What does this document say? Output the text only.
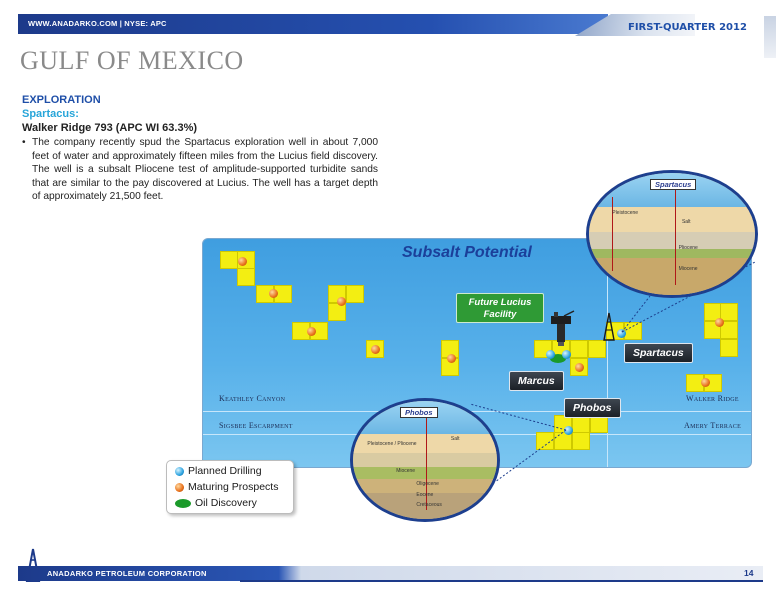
WWW.ANADARKO.COM | NYSE: APC	FIRST-QUARTER 2012
GULF OF MEXICO
EXPLORATION
Spartacus:
Walker Ridge 793 (APC WI 63.3%)
• The company recently spud the Spartacus exploration well in about 7,000 feet of water and approximately fifteen miles from the Lucius field discovery. The well is a subsalt Pliocene test of amplitude-supported turbidite sands that are similar to the pay discovered at Lucius. The well has a target depth of approximately 21,500 feet.
Subsalt Potential
Keathley Canyon	Walker Ridge
Sigsbee Escarpment	Amery Terrace
Future Lucius Facility
Marcus
Spartacus
Phobos
Pleistocene
Salt
Pliocene
Miocene
Spartacus
Pleistocene / Pliocene
Salt
Miocene
Oligocene
Eocene
Cretaceous
Phobos
Planned Drilling
Maturing Prospects
Oil Discovery
ANADARKO PETROLEUM CORPORATION	14
